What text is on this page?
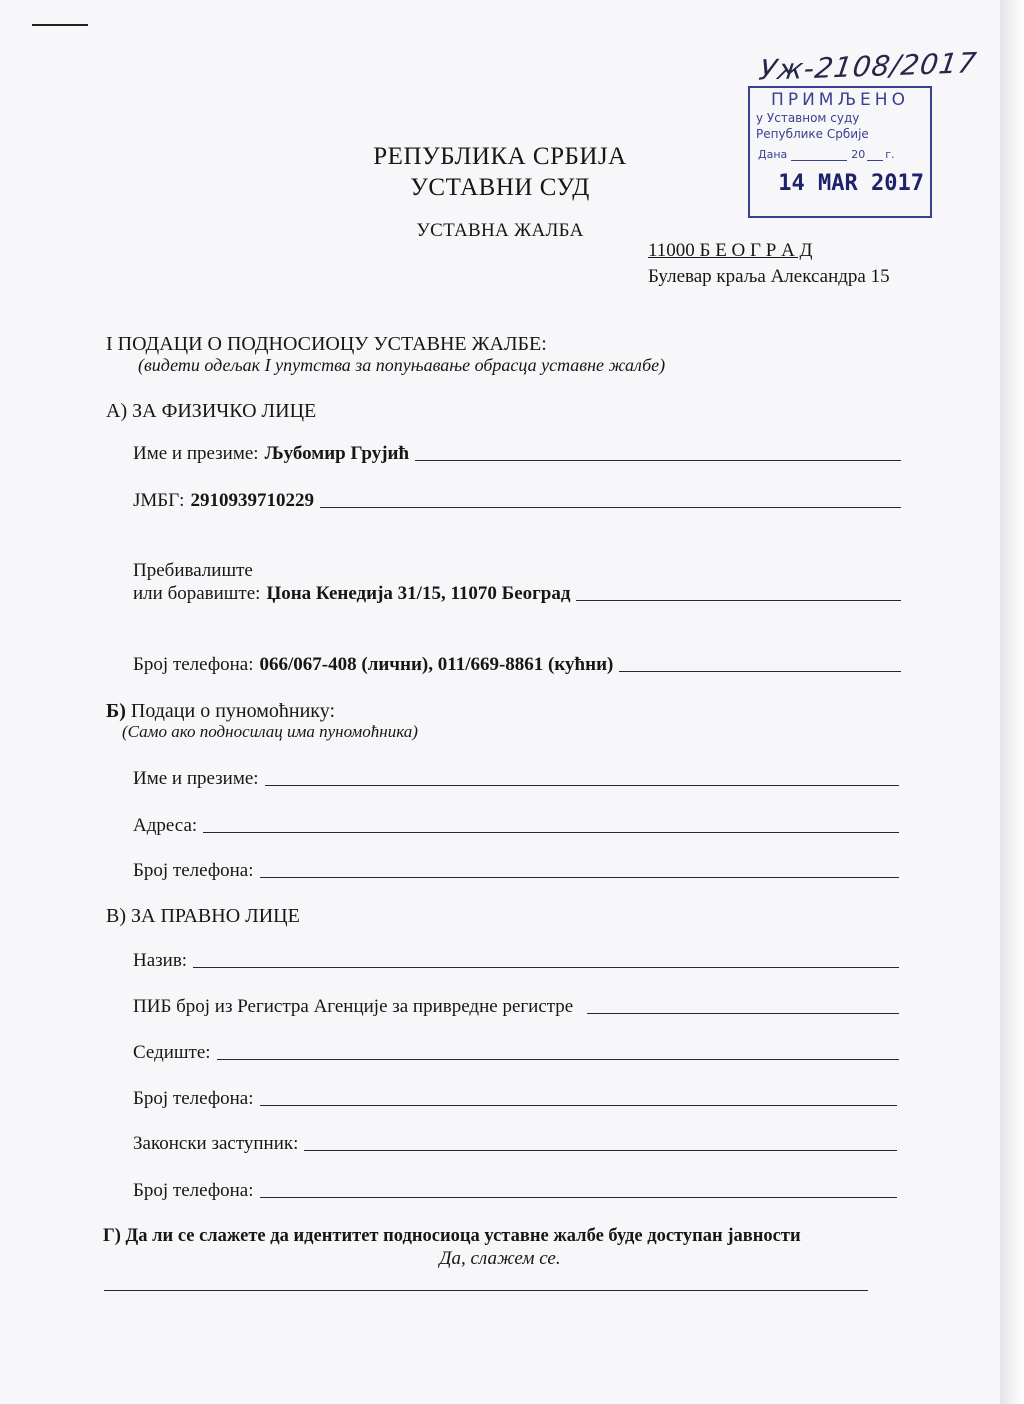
Уж-2108/2017
ПРИМЉЕНО
у Уставном суду
Републике Србије
Дана	20 г.
14 MAR 2017
РЕПУБЛИКА СРБИЈА
УСТАВНИ СУД
УСТАВНА ЖАЛБА
11000 Б Е О Г Р А Д
Булевар краља Александра 15

I ПОДАЦИ О ПОДНОСИОЦУ УСТАВНЕ ЖАЛБЕ:
(видети одељак I упутства за попуњавање обрасца уставне жалбе)
А) ЗА ФИЗИЧКО ЛИЦЕ
Име и презиме: Љубомир Грујић
ЈМБГ: 2910939710229
Пребивалиште
или боравиште: Џона Кенедија 31/15, 11070 Београд
Број телефона: 066/067-408 (лични), 011/669-8861 (кућни)
Б) Подаци о пуномоћнику:
(Само ако подносилац има пуномоћника)
Име и презиме:
Адреса:
Број телефона:
В) ЗА ПРАВНО ЛИЦЕ
Назив:
ПИБ број из Регистра Агенције за привредне регистре
Седиште:
Број телефона:
Законски заступник:
Број телефона:
Г) Да ли се слажете да идентитет подносиоца уставне жалбе буде доступан јавности
Да, слажем се.
